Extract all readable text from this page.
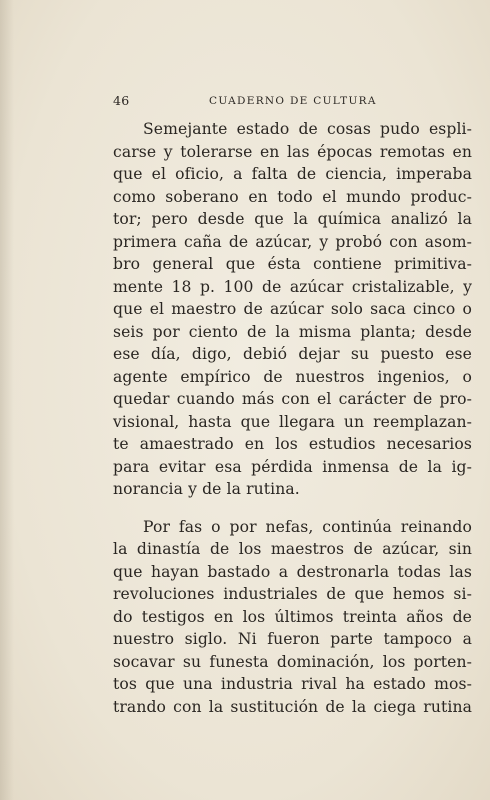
46	CUADERNO DE CULTURA
Semejante estado de cosas pudo espli-
carse y tolerarse en las épocas remotas en
que el oficio, a falta de ciencia, imperaba
como soberano en todo el mundo produc-
tor; pero desde que la química analizó la
primera caña de azúcar, y probó con asom-
bro general que ésta contiene primitiva-
mente 18 p. 100 de azúcar cristalizable, y
que el maestro de azúcar solo saca cinco o
seis por ciento de la misma planta; desde
ese día, digo, debió dejar su puesto ese
agente empírico de nuestros ingenios, o
quedar cuando más con el carácter de pro-
visional, hasta que llegara un reemplazan-
te amaestrado en los estudios necesarios
para evitar esa pérdida inmensa de la ig-
norancia y de la rutina.
Por fas o por nefas, continúa reinando
la dinastía de los maestros de azúcar, sin
que hayan bastado a destronarla todas las
revoluciones industriales de que hemos si-
do testigos en los últimos treinta años de
nuestro siglo. Ni fueron parte tampoco a
socavar su funesta dominación, los porten-
tos que una industria rival ha estado mos-
trando con la sustitución de la ciega rutina
